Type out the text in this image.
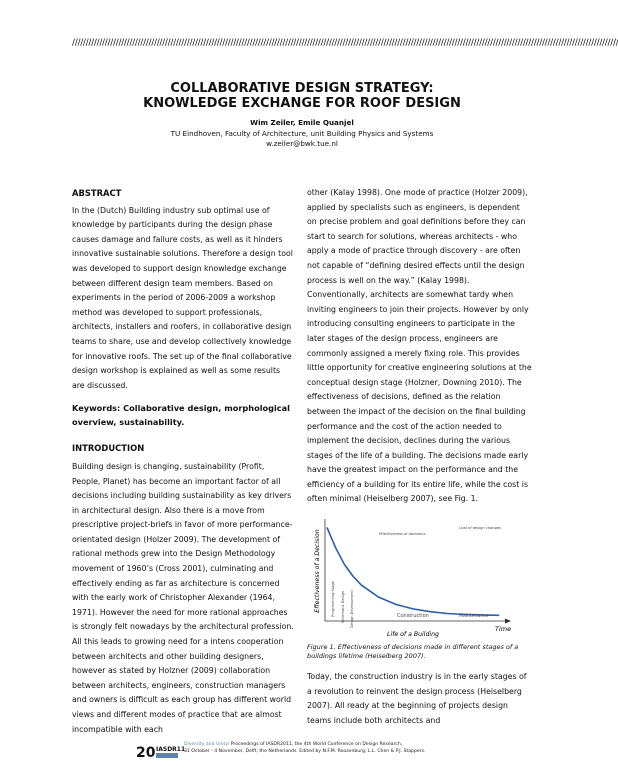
////////////////////////////////////////////////////////////////////////////////////////////////////////////////////////////////////////////////////////////////////////////////////////////////////////
COLLABORATIVE DESIGN STRATEGY:
KNOWLEDGE EXCHANGE FOR ROOF DESIGN
Wim Zeiler, Emile Quanjel
TU Eindhoven, Faculty of Architecture, unit Building Physics and Systems
w.zeiler@bwk.tue.nl
ABSTRACT

In the (Dutch) Building industry sub optimal use of knowledge by participants during the design phase causes damage and failure costs, as well as it hinders innovative sustainable solutions. Therefore a design tool was developed to support design knowledge exchange between different design team members. Based on experiments in the period of 2006-2009 a workshop method was developed to support professionals, architects, installers and roofers, in collaborative design teams to share, use and develop collectively knowledge for innovative roofs. The set up of the final collaborative design workshop is explained as well as some results are discussed.

Keywords: Collaborative design, morphological overview, sustainability.

INTRODUCTION

Building design is changing, sustainability (Profit, People, Planet) has become an important factor of all decisions including building sustainability as key drivers in architectural design. Also there is a move from prescriptive project-briefs in favor of more performance-orientated design (Holzer 2009). The development of rational methods grew into the Design Methodology movement of 1960’s (Cross 2001), culminating and effectively ending as far as architecture is concerned with the early work of Christopher Alexander (1964, 1971). However the need for more rational approaches is strongly felt nowadays by the architectural profession.

All this leads to growing need for a intens cooperation between architects and other building designers, however as stated by Holzner (2009) collaboration between architects, engineers, construction managers and owners is difficult as each group has different world views and different modes of practice that are almost incompatible with each

other (Kalay 1998). One mode of practice (Holzer 2009), applied by specialists such as engineers, is dependent on precise problem and goal definitions before they can start to search for solutions, whereas architects - who apply a mode of practice through discovery - are often not capable of “defining desired effects until the design process is well on the way.” (Kalay 1998).

Conventionally, architects are somewhat tardy when inviting engineers to join their projects. However by only introducing consulting engineers to participate in the later stages of the design process, engineers are commonly assigned a merely fixing role. This provides little opportunity for creative engineering solutions at the conceptual design stage (Holzner, Downing 2010). The effectiveness of decisions, defined as the relation between the impact of the decision on the final building performance and the cost of the action needed to implement the decision, declines during the various stages of the life of a building. The decisions made early have the greatest impact on the performance and the efficiency of a building for its entire life, while the cost is often minimal (Heiselberg 2007), see Fig. 1.

Time
Life of a Building
Effectiveness of a Decision	Effectiveness of decisions
Cost of design changes
Programming Stage Schematic Design Design Development	Construction	Maintenance

Figure 1. Effectiveness of decisions made in different stages of a buildings lifetime (Heiselberg 2007).

Today, the construction industry is in the early stages of a revolution to reinvent the design process (Heiselberg 2007). All ready at the beginning of projects design teams include both architects and

20 IASDR11
Diversity and Unity: Proceedings of IASDR2011, the 4th World Conference on Design Research,
31 October - 4 November, Delft, the Netherlands. Edited by N.F.M. Roozenburg, L.L. Chen & P.J. Stappers.
